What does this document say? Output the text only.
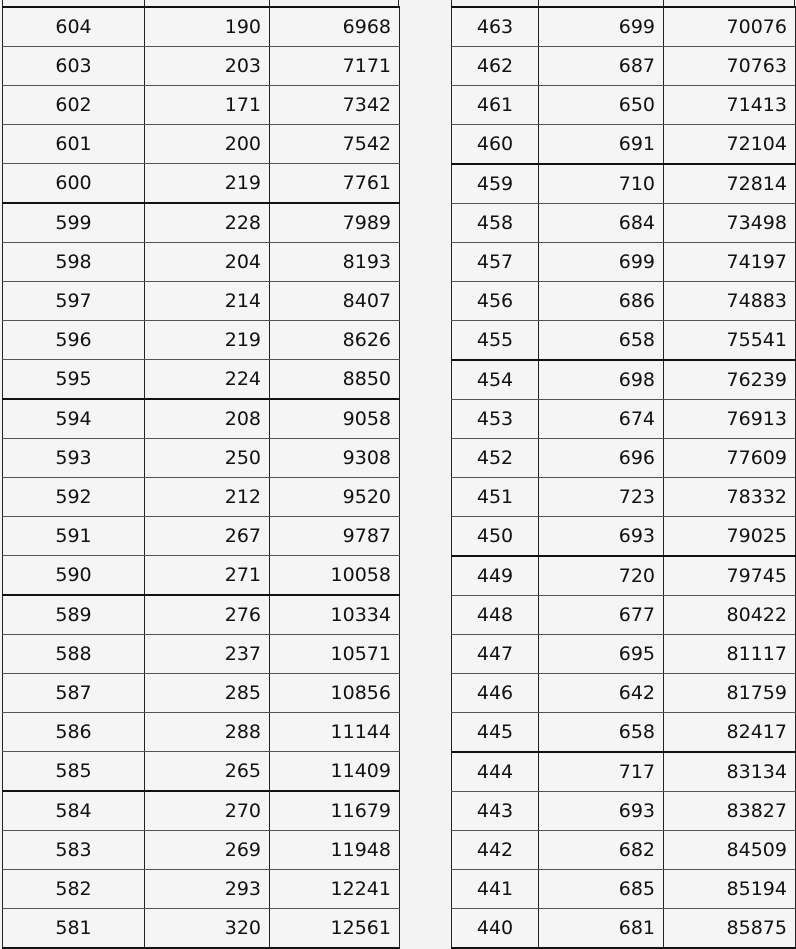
604	190	6968
603	203	7171
602	171	7342
601	200	7542
600	219	7761
599	228	7989
598	204	8193
597	214	8407
596	219	8626
595	224	8850
594	208	9058
593	250	9308
592	212	9520
591	267	9787
590	271	10058
589	276	10334
588	237	10571
587	285	10856
586	288	11144
585	265	11409
584	270	11679
583	269	11948
582	293	12241
581	320	12561
463	699	70076
462	687	70763
461	650	71413
460	691	72104
459	710	72814
458	684	73498
457	699	74197
456	686	74883
455	658	75541
454	698	76239
453	674	76913
452	696	77609
451	723	78332
450	693	79025
449	720	79745
448	677	80422
447	695	81117
446	642	81759
445	658	82417
444	717	83134
443	693	83827
442	682	84509
441	685	85194
440	681	85875
